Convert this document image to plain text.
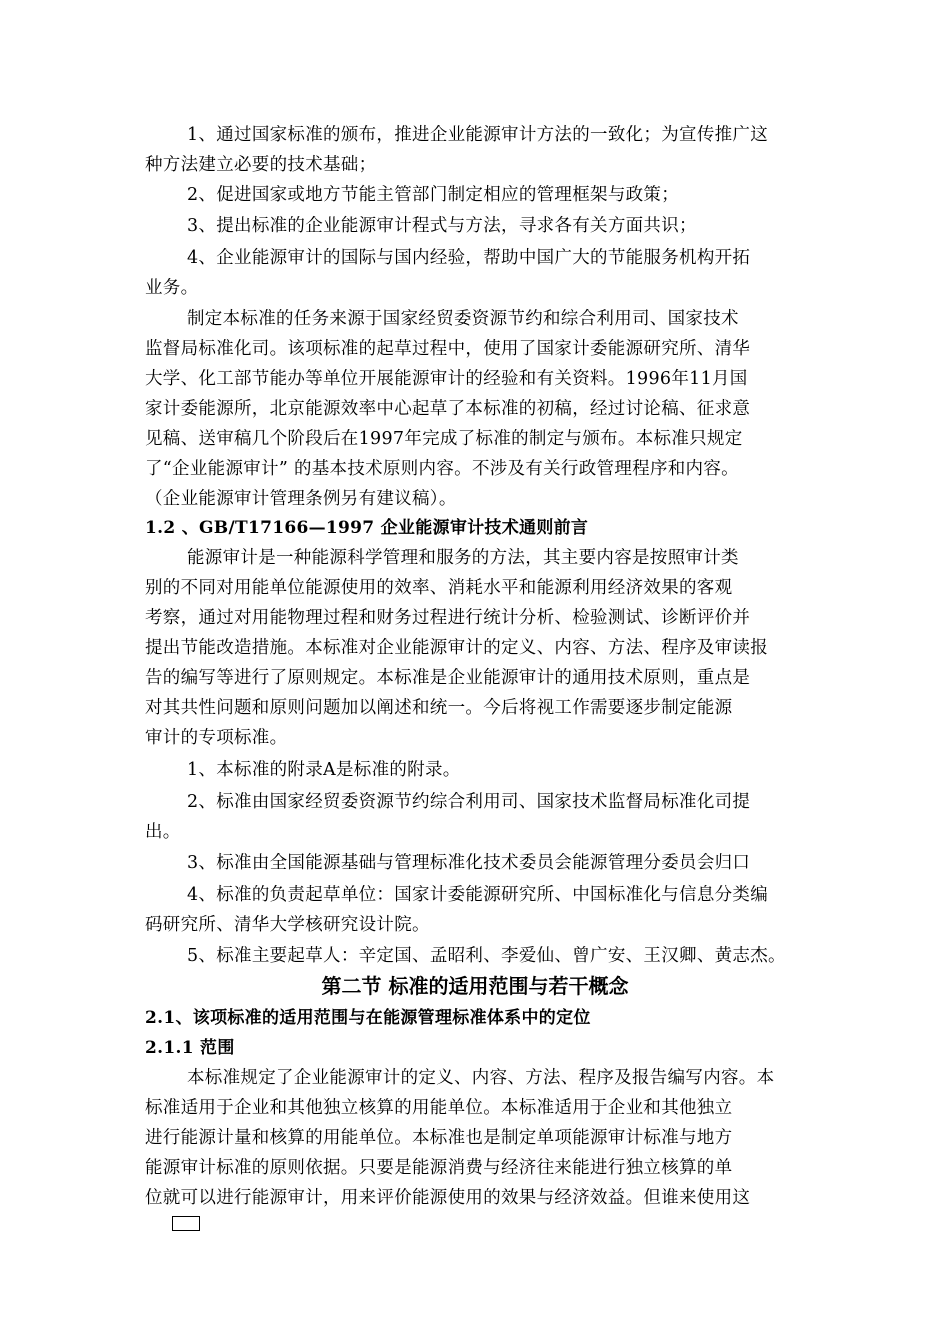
1、通过国家标准的颁布，推进企业能源审计方法的一致化；为宣传推广这
种方法建立必要的技术基础；
2、促进国家或地方节能主管部门制定相应的管理框架与政策；
3、提出标准的企业能源审计程式与方法，寻求各有关方面共识；
4、企业能源审计的国际与国内经验，帮助中国广大的节能服务机构开拓
业务。
制定本标准的任务来源于国家经贸委资源节约和综合利用司、国家技术
监督局标准化司。该项标准的起草过程中，使用了国家计委能源研究所、清华
大学、化工部节能办等单位开展能源审计的经验和有关资料。1996年11月国
家计委能源所，北京能源效率中心起草了本标准的初稿，经过讨论稿、征求意
见稿、送审稿几个阶段后在1997年完成了标准的制定与颁布。本标准只规定
了“企业能源审计” 的基本技术原则内容。不涉及有关行政管理程序和内容。
（企业能源审计管理条例另有建议稿）。
1.2 、GB/T17166—1997 企业能源审计技术通则前言
能源审计是一种能源科学管理和服务的方法，其主要内容是按照审计类
别的不同对用能单位能源使用的效率、消耗水平和能源利用经济效果的客观
考察，通过对用能物理过程和财务过程进行统计分析、检验测试、诊断评价并
提出节能改造措施。本标准对企业能源审计的定义、内容、方法、程序及审读报
告的编写等进行了原则规定。本标准是企业能源审计的通用技术原则，重点是
对其共性问题和原则问题加以阐述和统一。今后将视工作需要逐步制定能源
审计的专项标准。
1、本标准的附录A是标准的附录。
2、标准由国家经贸委资源节约综合利用司、国家技术监督局标准化司提
出。
3、标准由全国能源基础与管理标准化技术委员会能源管理分委员会归口
4、标准的负责起草单位：国家计委能源研究所、中国标准化与信息分类编
码研究所、清华大学核研究设计院。
5、标准主要起草人：辛定国、孟昭利、李爱仙、曾广安、王汉卿、黄志杰。
第二节 标准的适用范围与若干概念
2.1、该项标准的适用范围与在能源管理标准体系中的定位
2.1.1 范围
本标准规定了企业能源审计的定义、内容、方法、程序及报告编写内容。本
标准适用于企业和其他独立核算的用能单位。本标准适用于企业和其他独立
进行能源计量和核算的用能单位。本标准也是制定单项能源审计标准与地方
能源审计标准的原则依据。只要是能源消费与经济往来能进行独立核算的单
位就可以进行能源审计，用来评价能源使用的效果与经济效益。但谁来使用这
